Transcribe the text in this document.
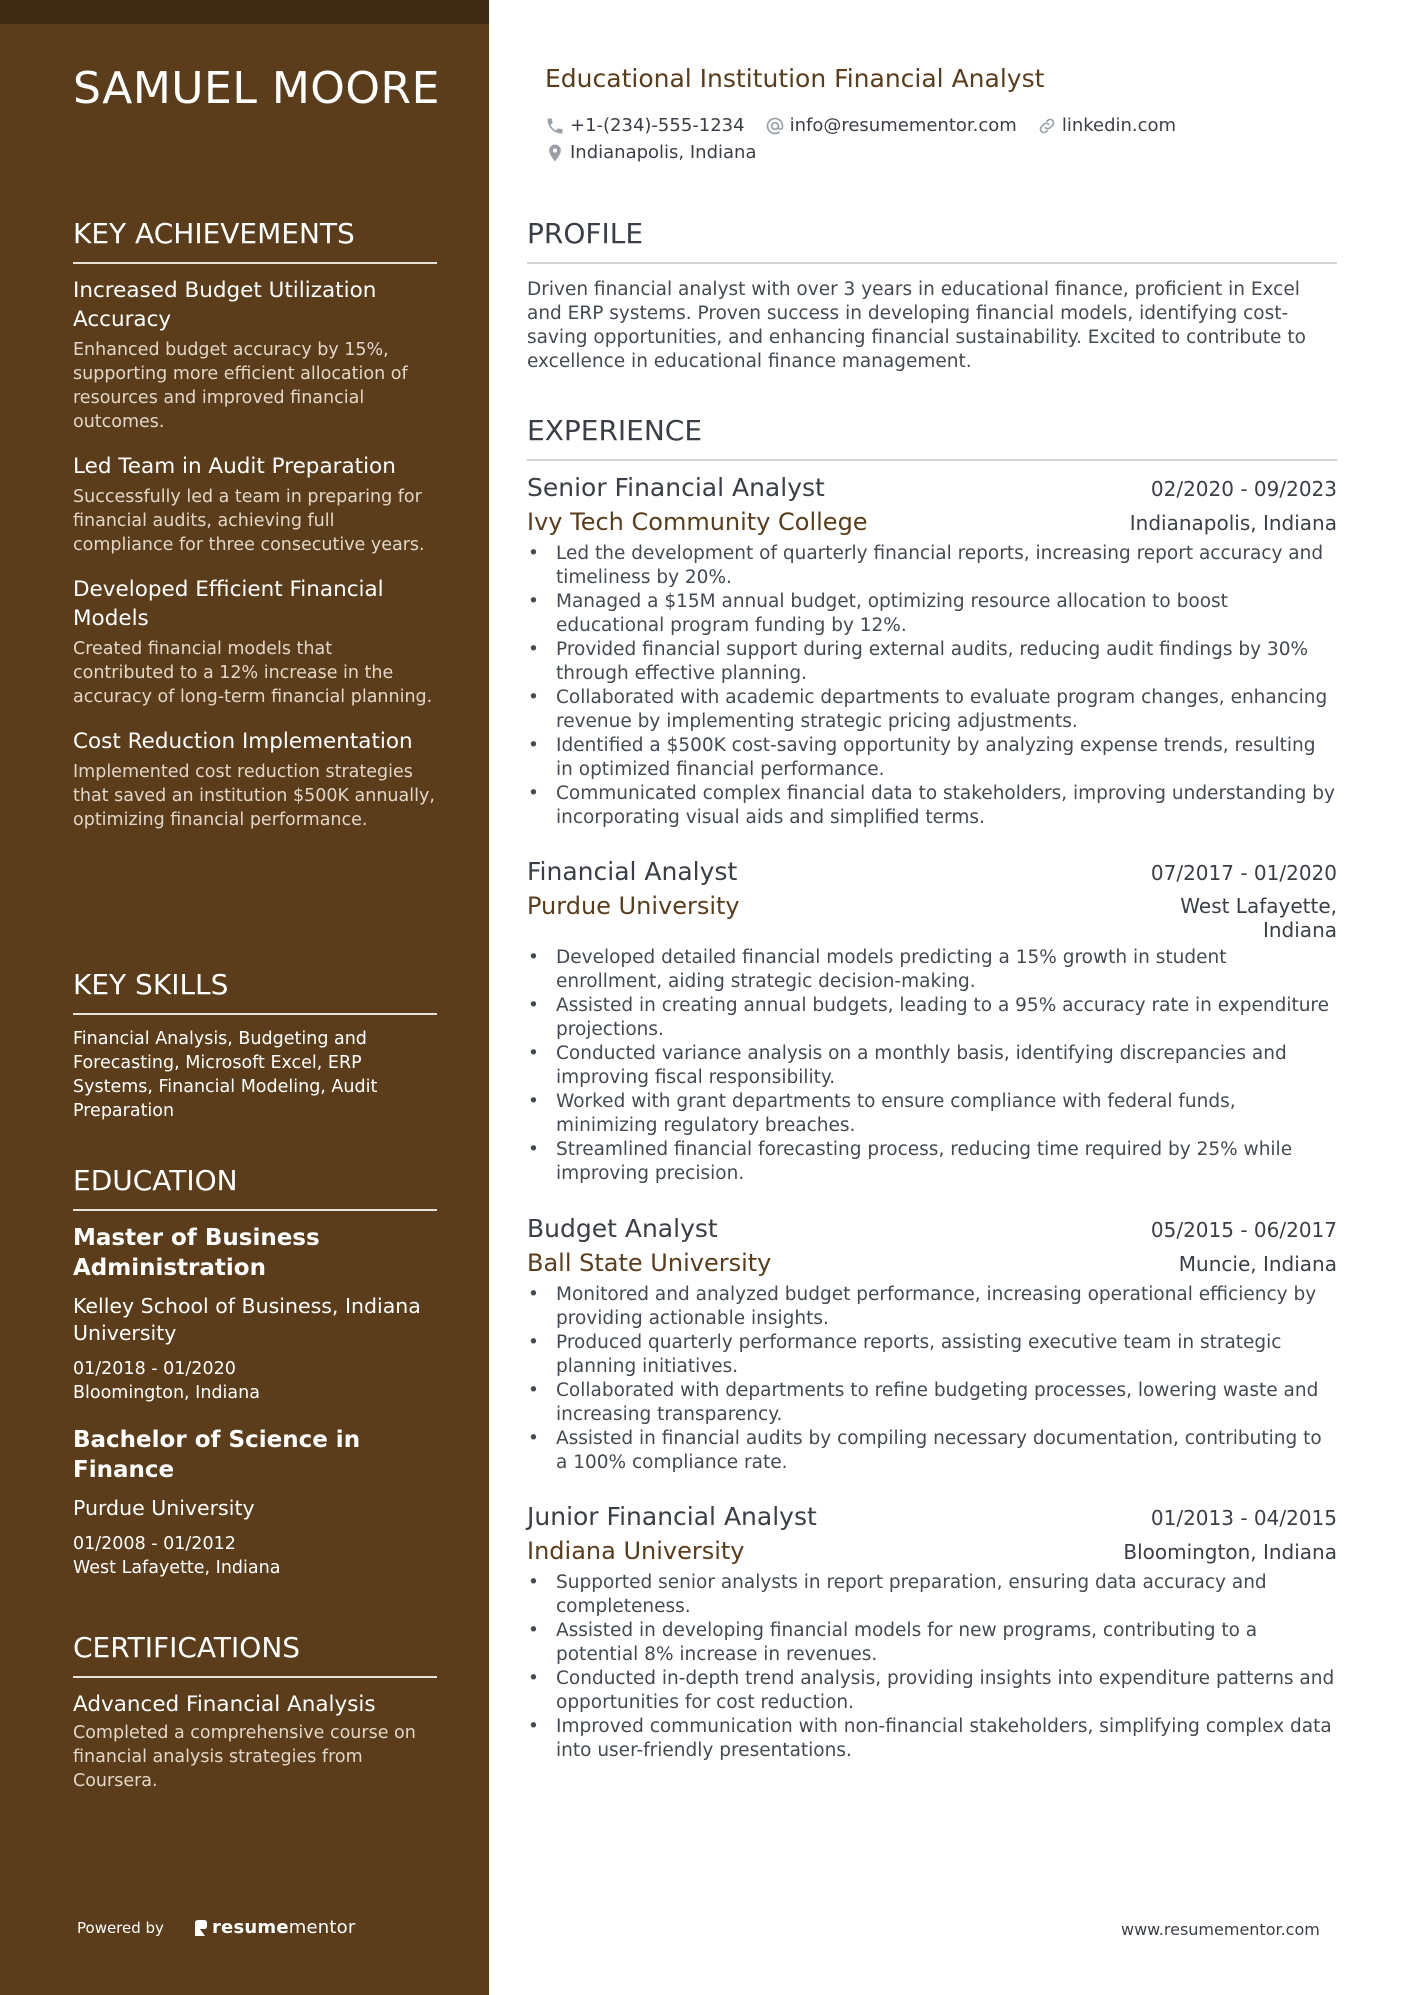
SAMUEL MOORE
KEY ACHIEVEMENTS
Increased Budget Utilization Accuracy
Enhanced budget accuracy by 15%, supporting more efficient allocation of resources and improved financial outcomes.
Led Team in Audit Preparation
Successfully led a team in preparing for financial audits, achieving full compliance for three consecutive years.
Developed Efficient Financial Models
Created financial models that contributed to a 12% increase in the accuracy of long-term financial planning.
Cost Reduction Implementation
Implemented cost reduction strategies that saved an institution $500K annually, optimizing financial performance.
KEY SKILLS
Financial Analysis, Budgeting and Forecasting, Microsoft Excel, ERP Systems, Financial Modeling, Audit Preparation
EDUCATION
Master of Business Administration
Kelley School of Business, Indiana University
01/2018 - 01/2020
Bloomington, Indiana
Bachelor of Science in Finance
Purdue University
01/2008 - 01/2012
West Lafayette, Indiana
CERTIFICATIONS
Advanced Financial Analysis
Completed a comprehensive course on financial analysis strategies from Coursera.
Powered by	resume mentor
Educational Institution Financial Analyst
+1-(234)-555-1234	info@resumementor.com	linkedin.com
Indianapolis, Indiana
PROFILE
Driven financial analyst with over 3 years in educational finance, proficient in Excel and ERP systems. Proven success in developing financial models, identifying cost-saving opportunities, and enhancing financial sustainability. Excited to contribute to excellence in educational finance management.
EXPERIENCE
Senior Financial Analyst	02/2020 - 09/2023
Ivy Tech Community College	Indianapolis, Indiana
• Led the development of quarterly financial reports, increasing report accuracy and timeliness by 20%.
• Managed a $15M annual budget, optimizing resource allocation to boost educational program funding by 12%.
• Provided financial support during external audits, reducing audit findings by 30% through effective planning.
• Collaborated with academic departments to evaluate program changes, enhancing revenue by implementing strategic pricing adjustments.
• Identified a $500K cost-saving opportunity by analyzing expense trends, resulting in optimized financial performance.
• Communicated complex financial data to stakeholders, improving understanding by incorporating visual aids and simplified terms.
Financial Analyst	07/2017 - 01/2020
Purdue University	West Lafayette, Indiana
• Developed detailed financial models predicting a 15% growth in student enrollment, aiding strategic decision-making.
• Assisted in creating annual budgets, leading to a 95% accuracy rate in expenditure projections.
• Conducted variance analysis on a monthly basis, identifying discrepancies and improving fiscal responsibility.
• Worked with grant departments to ensure compliance with federal funds, minimizing regulatory breaches.
• Streamlined financial forecasting process, reducing time required by 25% while improving precision.
Budget Analyst	05/2015 - 06/2017
Ball State University	Muncie, Indiana
• Monitored and analyzed budget performance, increasing operational efficiency by providing actionable insights.
• Produced quarterly performance reports, assisting executive team in strategic planning initiatives.
• Collaborated with departments to refine budgeting processes, lowering waste and increasing transparency.
• Assisted in financial audits by compiling necessary documentation, contributing to a 100% compliance rate.
Junior Financial Analyst	01/2013 - 04/2015
Indiana University	Bloomington, Indiana
• Supported senior analysts in report preparation, ensuring data accuracy and completeness.
• Assisted in developing financial models for new programs, contributing to a potential 8% increase in revenues.
• Conducted in-depth trend analysis, providing insights into expenditure patterns and opportunities for cost reduction.
• Improved communication with non-financial stakeholders, simplifying complex data into user-friendly presentations.
www.resumementor.com
